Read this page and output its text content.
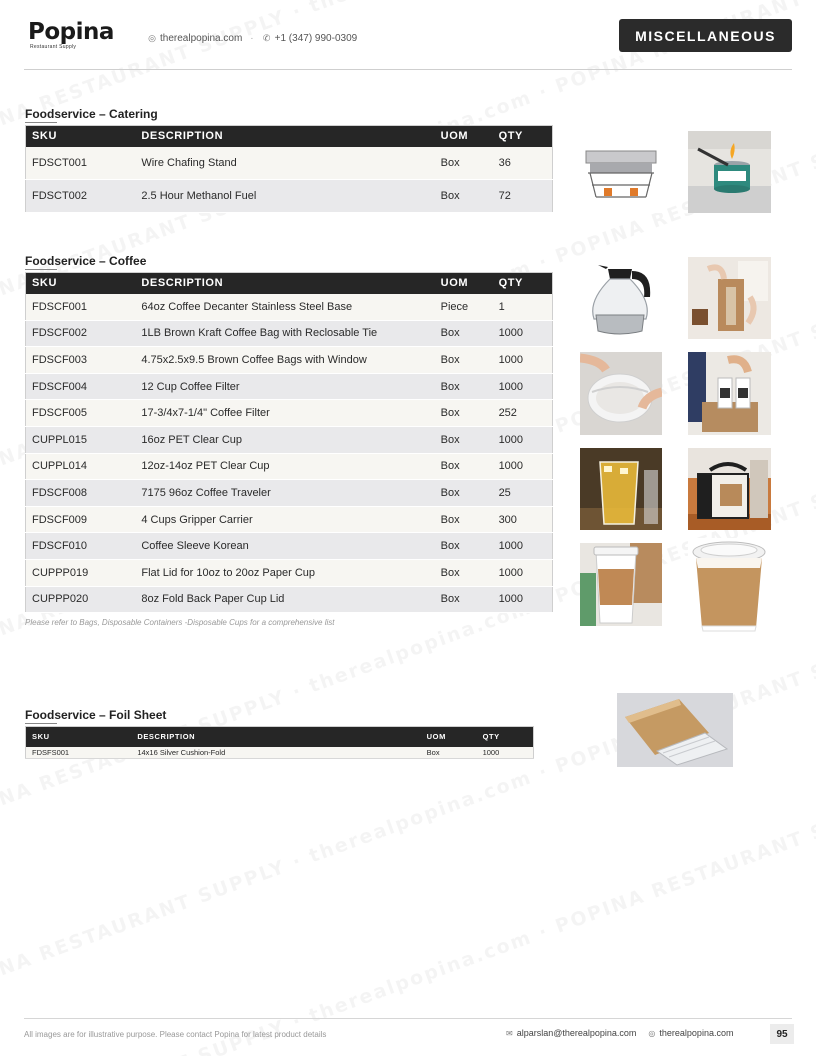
Popina
Restaurant Supply
◎ therealpopina.com · ✆ +1 (347) 990-0309	MISCELLANEOUS
Foodservice – Catering
SKU	DESCRIPTION	UOM	QTY
FDSCT001	Wire Chafing Stand	Box	36
FDSCT002	2.5 Hour Methanol Fuel	Box	72
Foodservice – Coffee
SKU	DESCRIPTION	UOM	QTY
FDSCF001	64oz Coffee Decanter Stainless Steel Base	Piece	1
FDSCF002	1LB Brown Kraft Coffee Bag with Reclosable Tie	Box	1000
FDSCF003	4.75x2.5x9.5 Brown Coffee Bags with Window	Box	1000
FDSCF004	12 Cup Coffee Filter	Box	1000
FDSCF005	17-3/4x7-1/4" Coffee Filter	Box	252
CUPPL015	16oz PET Clear Cup	Box	1000
CUPPL014	12oz-14oz PET Clear Cup	Box	1000
FDSCF008	7175 96oz Coffee Traveler	Box	25
FDSCF009	4 Cups Gripper Carrier	Box	300
FDSCF010	Coffee Sleeve Korean	Box	1000
CUPPP019	Flat Lid for 10oz to 20oz Paper Cup	Box	1000
CUPPP020	8oz Fold Back Paper Cup Lid	Box	1000
Please refer to Bags, Disposable Containers -Disposable Cups for a comprehensive list
Foodservice – Foil Sheet
SKU	DESCRIPTION	UOM	QTY
FDSFS001	14x16 Silver Cushion-Fold	Box	1000
All images are for illustrative purpose. Please contact Popina for latest product details	✉ alparslan@therealpopina.com ◎ therealpopina.com	95
